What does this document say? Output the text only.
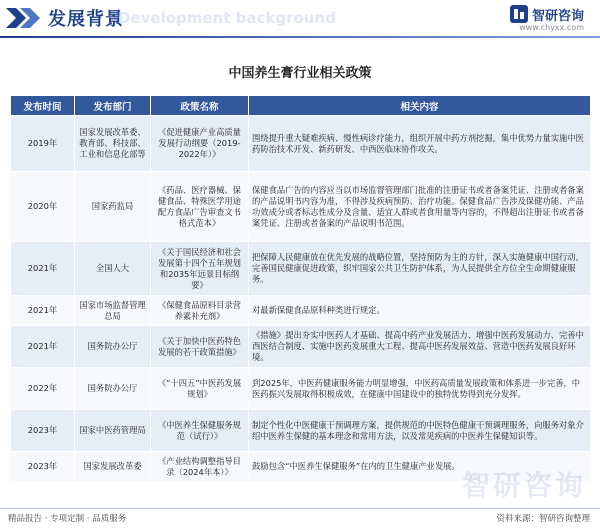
发展背景
Development background	智研咨询
www.chyxx.com
中国养生膏行业相关政策
发布时间	发布部门	政策名称	相关内容
2019年	国家发展改革委、教育部、科技部、工业和信息化部等	《促进健康产业高质量发展行动纲要（2019-2022年）》	围绕提升重大疑难疾病、慢性病诊疗能力，组织开展中药方剂挖掘，集中优势力量实施中医药防治技术开发、新药研发、中西医临床协作攻关。
2020年	国家药监局	《药品、医疗器械、保健食品、特殊医学用途配方食品广告审查文书格式范本》	保健食品广告的内容应当以市场监督管理部门批准的注册证书或者备案凭证、注册或者备案的产品说明书内容为准，不得涉及疾病预防、治疗功能。保健食品广告涉及保健功能、产品功效成分或者标志性成分及含量、适宜人群或者食用量等内容的，不得超出注册证书或者备案凭证、注册或者备案的产品说明书范围。
2021年	全国人大	《关于国民经济和社会发展第十四个五年规划和2035年远景目标纲要》	把保障人民健康放在优先发展的战略位置，坚持预防为主的方针，深入实施健康中国行动，完善国民健康促进政策，织牢国家公共卫生防护体系，为人民提供全方位全生命期健康服务。
2021年	国家市场监督管理总局	《保健食品原料目录营养素补充剂》	对最新保健食品原料种类进行规定。
2021年	国务院办公厅	《关于加快中医药特色发展的若干政策措施》	《措施》提出夯实中医药人才基础、提高中药产业发展活力、增强中医药发展动力、完善中西医结合制度、实施中医药发展重大工程、提高中医药发展效益、营造中医药发展良好环境。
2022年	国务院办公厅	《“十四五”中医药发展规划》	到2025年，中医药健康服务能力明显增强，中医药高质量发展政策和体系进一步完善，中医药振兴发展取得积极成效，在健康中国建设中的独特优势得到充分发挥。
2023年	国家中医药管理局	《中医养生保健服务规范（试行）》	制定个性化中医健康干预调理方案，提供规范的中医特色健康干预调理服务，向服务对象介绍中医养生保健的基本理念和常用方法，以及常见疾病的中医养生保健知识等。
2023年	国家发展改革委	《产业结构调整指导目录（2024年本）》	鼓励包含“中医养生保健服务”在内的卫生健康产业发展。
智研咨询
精品报告 · 专项定制 · 品质服务	资料来源：智研咨询整理
